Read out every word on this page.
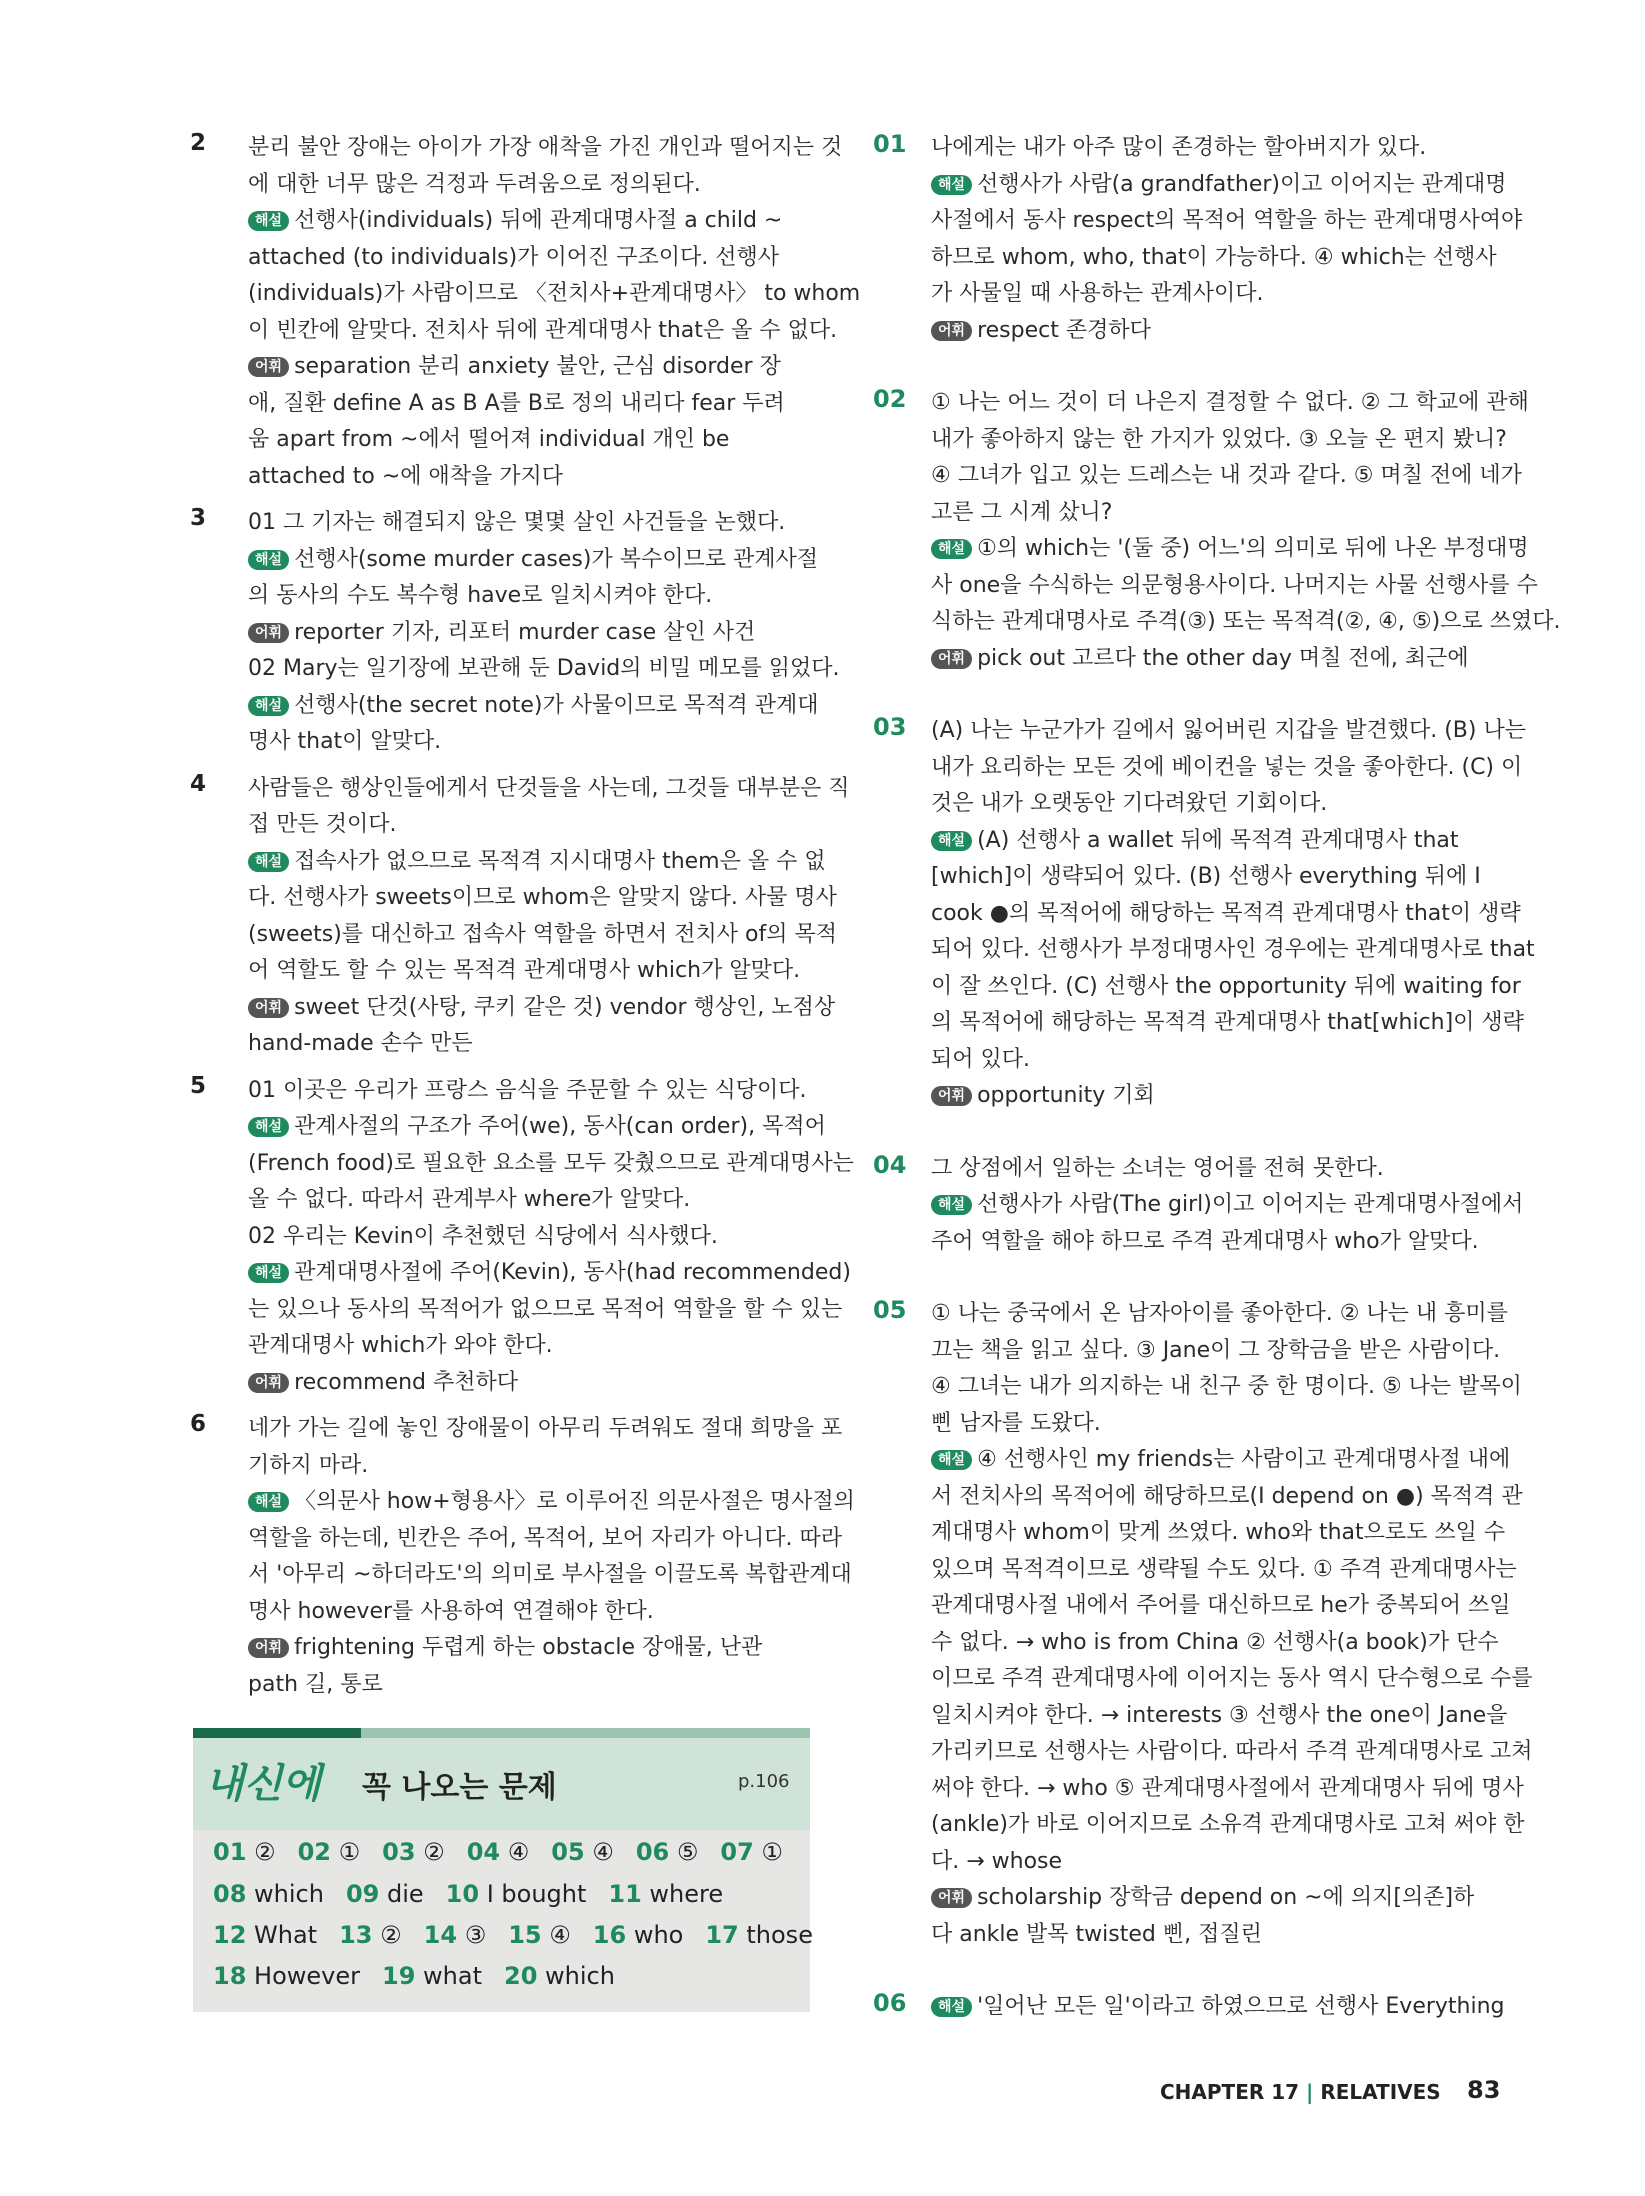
2 분리 불안 장애는 아이가 가장 애착을 가진 개인과 떨어지는 것
에 대한 너무 많은 걱정과 두려움으로 정의된다.
해설 선행사(individuals) 뒤에 관계대명사절 a child ~
attached (to individuals)가 이어진 구조이다. 선행사
(individuals)가 사람이므로 〈전치사+관계대명사〉 to whom
이 빈칸에 알맞다. 전치사 뒤에 관계대명사 that은 올 수 없다.
어휘 separation 분리 anxiety 불안, 근심 disorder 장
애, 질환 define A as B A를 B로 정의 내리다 fear 두려
움 apart from ~에서 떨어져 individual 개인 be
attached to ~에 애착을 가지다
3 01 그 기자는 해결되지 않은 몇몇 살인 사건들을 논했다.
해설 선행사(some murder cases)가 복수이므로 관계사절
의 동사의 수도 복수형 have로 일치시켜야 한다.
어휘 reporter 기자, 리포터 murder case 살인 사건
02 Mary는 일기장에 보관해 둔 David의 비밀 메모를 읽었다.
해설 선행사(the secret note)가 사물이므로 목적격 관계대
명사 that이 알맞다.
4 사람들은 행상인들에게서 단것들을 사는데, 그것들 대부분은 직
접 만든 것이다.
해설 접속사가 없으므로 목적격 지시대명사 them은 올 수 없
다. 선행사가 sweets이므로 whom은 알맞지 않다. 사물 명사
(sweets)를 대신하고 접속사 역할을 하면서 전치사 of의 목적
어 역할도 할 수 있는 목적격 관계대명사 which가 알맞다.
어휘 sweet 단것(사탕, 쿠키 같은 것) vendor 행상인, 노점상
hand-made 손수 만든
5 01 이곳은 우리가 프랑스 음식을 주문할 수 있는 식당이다.
해설 관계사절의 구조가 주어(we), 동사(can order), 목적어
(French food)로 필요한 요소를 모두 갖췄으므로 관계대명사는
올 수 없다. 따라서 관계부사 where가 알맞다.
02 우리는 Kevin이 추천했던 식당에서 식사했다.
해설 관계대명사절에 주어(Kevin), 동사(had recommended)
는 있으나 동사의 목적어가 없으므로 목적어 역할을 할 수 있는
관계대명사 which가 와야 한다.
어휘 recommend 추천하다
6 네가 가는 길에 놓인 장애물이 아무리 두려워도 절대 희망을 포
기하지 마라.
해설 〈의문사 how+형용사〉로 이루어진 의문사절은 명사절의
역할을 하는데, 빈칸은 주어, 목적어, 보어 자리가 아니다. 따라
서 '아무리 ~하더라도'의 의미로 부사절을 이끌도록 복합관계대
명사 however를 사용하여 연결해야 한다.
어휘 frightening 두렵게 하는 obstacle 장애물, 난관
path 길, 통로
01 나에게는 내가 아주 많이 존경하는 할아버지가 있다.
해설 선행사가 사람(a grandfather)이고 이어지는 관계대명
사절에서 동사 respect의 목적어 역할을 하는 관계대명사여야
하므로 whom, who, that이 가능하다. ④ which는 선행사
가 사물일 때 사용하는 관계사이다.
어휘 respect 존경하다
02 ① 나는 어느 것이 더 나은지 결정할 수 없다. ② 그 학교에 관해
내가 좋아하지 않는 한 가지가 있었다. ③ 오늘 온 편지 봤니?
④ 그녀가 입고 있는 드레스는 내 것과 같다. ⑤ 며칠 전에 네가
고른 그 시계 샀니?
해설 ①의 which는 '(둘 중) 어느'의 의미로 뒤에 나온 부정대명
사 one을 수식하는 의문형용사이다. 나머지는 사물 선행사를 수
식하는 관계대명사로 주격(③) 또는 목적격(②, ④, ⑤)으로 쓰였다.
어휘 pick out 고르다 the other day 며칠 전에, 최근에
03 (A) 나는 누군가가 길에서 잃어버린 지갑을 발견했다. (B) 나는
내가 요리하는 모든 것에 베이컨을 넣는 것을 좋아한다. (C) 이
것은 내가 오랫동안 기다려왔던 기회이다.
해설 (A) 선행사 a wallet 뒤에 목적격 관계대명사 that
[which]이 생략되어 있다. (B) 선행사 everything 뒤에 I
cook ●의 목적어에 해당하는 목적격 관계대명사 that이 생략
되어 있다. 선행사가 부정대명사인 경우에는 관계대명사로 that
이 잘 쓰인다. (C) 선행사 the opportunity 뒤에 waiting for
의 목적어에 해당하는 목적격 관계대명사 that[which]이 생략
되어 있다.
어휘 opportunity 기회
04 그 상점에서 일하는 소녀는 영어를 전혀 못한다.
해설 선행사가 사람(The girl)이고 이어지는 관계대명사절에서
주어 역할을 해야 하므로 주격 관계대명사 who가 알맞다.
05 ① 나는 중국에서 온 남자아이를 좋아한다. ② 나는 내 흥미를
끄는 책을 읽고 싶다. ③ Jane이 그 장학금을 받은 사람이다.
④ 그녀는 내가 의지하는 내 친구 중 한 명이다. ⑤ 나는 발목이
삔 남자를 도왔다.
해설 ④ 선행사인 my friends는 사람이고 관계대명사절 내에
서 전치사의 목적어에 해당하므로(I depend on ●) 목적격 관
계대명사 whom이 맞게 쓰였다. who와 that으로도 쓰일 수
있으며 목적격이므로 생략될 수도 있다. ① 주격 관계대명사는
관계대명사절 내에서 주어를 대신하므로 he가 중복되어 쓰일
수 없다. → who is from China ② 선행사(a book)가 단수
이므로 주격 관계대명사에 이어지는 동사 역시 단수형으로 수를
일치시켜야 한다. → interests ③ 선행사 the one이 Jane을
가리키므로 선행사는 사람이다. 따라서 주격 관계대명사로 고쳐
써야 한다. → who ⑤ 관계대명사절에서 관계대명사 뒤에 명사
(ankle)가 바로 이어지므로 소유격 관계대명사로 고쳐 써야 한
다. → whose
어휘 scholarship 장학금 depend on ~에 의지[의존]하
다 ankle 발목 twisted 삔, 접질린
06	해설 '일어난 모든 일'이라고 하였으므로 선행사 Everything
내신에 꼭 나오는 문제	p.106
01 ② 02 ① 03 ② 04 ④ 05 ④ 06 ⑤ 07 ①
08 which 09 die 10 I bought 11 where
12 What 13 ② 14 ③ 15 ④ 16 who 17 those
18 However 19 what 20 which
CHAPTER 17 | RELATIVES 83
